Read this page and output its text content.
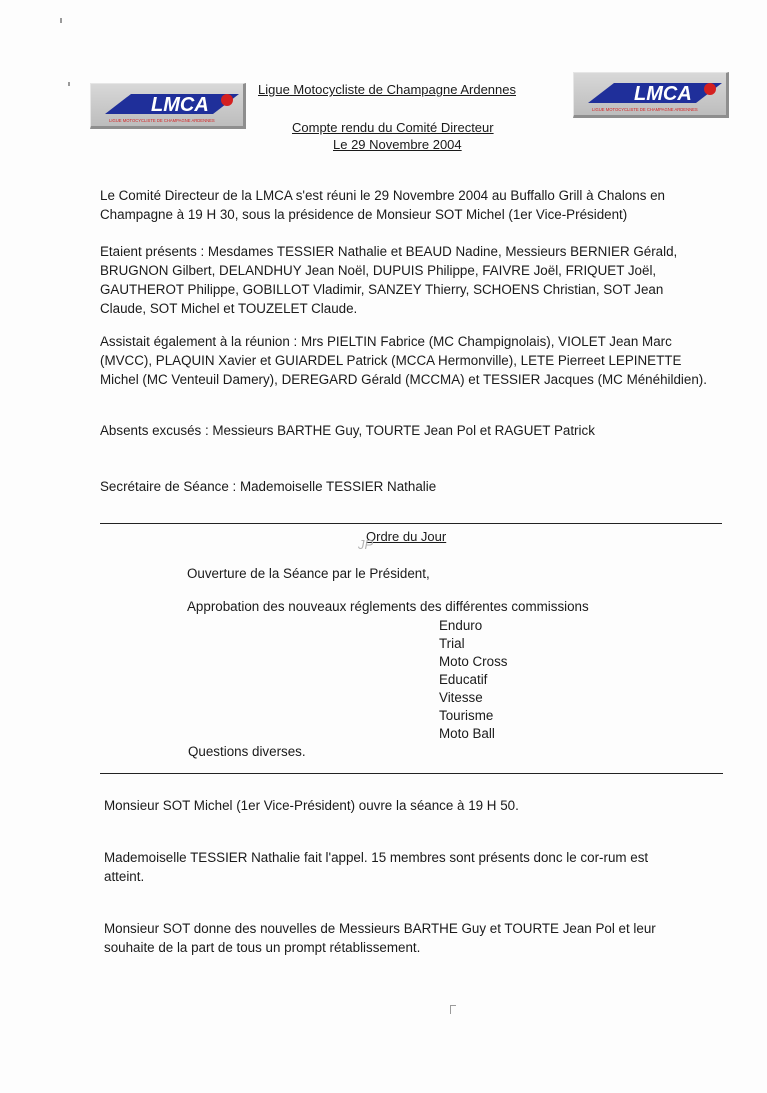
LMCA
LIGUE MOTOCYCLISTE DE CHAMPAGNE ARDENNES
LMCA
LIGUE MOTOCYCLISTE DE CHAMPAGNE ARDENNES
Ligue Motocycliste de Champagne Ardennes
Compte rendu du Comité Directeur
Le 29 Novembre 2004

Le Comité Directeur de la LMCA s'est réuni le 29 Novembre 2004 au Buffallo Grill à Chalons en Champagne à 19 H 30, sous la présidence de Monsieur SOT Michel (1er Vice-Président)

Etaient présents : Mesdames TESSIER Nathalie et BEAUD Nadine, Messieurs BERNIER Gérald, BRUGNON Gilbert, DELANDHUY Jean Noël, DUPUIS Philippe, FAIVRE Joël, FRIQUET Joël, GAUTHEROT Philippe, GOBILLOT Vladimir, SANZEY Thierry, SCHOENS Christian, SOT Jean Claude, SOT Michel et TOUZELET Claude.

Assistait également à la réunion : Mrs PIELTIN Fabrice (MC Champignolais), VIOLET Jean Marc (MVCC), PLAQUIN Xavier et GUIARDEL Patrick (MCCA Hermonville), LETE Pierreet LEPINETTE Michel (MC Venteuil Damery), DEREGARD Gérald (MCCMA) et TESSIER Jacques (MC Ménéhildien).

Absents excusés : Messieurs BARTHE Guy, TOURTE Jean Pol et RAGUET Patrick

Secrétaire de Séance : Mademoiselle TESSIER Nathalie

Ordre du Jour
JP
Ouverture de la Séance par le Président,
Approbation des nouveaux réglements des différentes commissions
Enduro
Trial
Moto Cross
Educatif
Vitesse
Tourisme
Moto Ball
Questions diverses.

Monsieur SOT Michel (1er Vice-Président) ouvre la séance à 19 H 50.

Mademoiselle TESSIER Nathalie fait l'appel. 15 membres sont présents donc le cor-rum est atteint.

Monsieur SOT donne des nouvelles de Messieurs BARTHE Guy et TOURTE Jean Pol et leur souhaite de la part de tous un prompt rétablissement.
